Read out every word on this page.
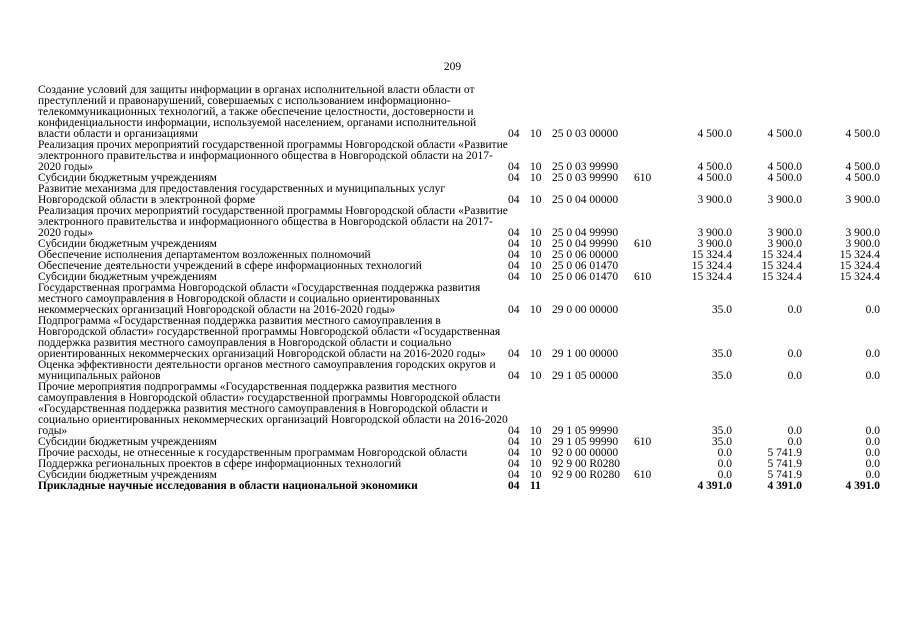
209
Создание условий для защиты информации в органах исполнительной власти области от преступлений и правонарушений, совершаемых с использованием информационно-телекоммуникационных технологий, а также обеспечение целостности, достоверности и конфиденциальности информации, используемой населением, органами исполнительной власти области и организациями	04	10	25 0 03 00000		4 500.0	4 500.0	4 500.0
Реализация прочих мероприятий государственной программы Новгородской области «Развитие электронного правительства и информационного общества в Новгородской области на 2017-2020 годы»	04	10	25 0 03 99990		4 500.0	4 500.0	4 500.0
Субсидии бюджетным учреждениям	04	10	25 0 03 99990	610	4 500.0	4 500.0	4 500.0
Развитие механизма для предоставления государственных и муниципальных услуг Новгородской области в электронной форме	04	10	25 0 04 00000		3 900.0	3 900.0	3 900.0
Реализация прочих мероприятий государственной программы Новгородской области «Развитие электронного правительства и информационного общества в Новгородской области на 2017-2020 годы»	04	10	25 0 04 99990		3 900.0	3 900.0	3 900.0
Субсидии бюджетным учреждениям	04	10	25 0 04 99990	610	3 900.0	3 900.0	3 900.0
Обеспечение исполнения департаментом возложенных полномочий	04	10	25 0 06 00000		15 324.4	15 324.4	15 324.4
Обеспечение деятельности учреждений в сфере информационных технологий	04	10	25 0 06 01470		15 324.4	15 324.4	15 324.4
Субсидии бюджетным учреждениям	04	10	25 0 06 01470	610	15 324.4	15 324.4	15 324.4
Государственная программа Новгородской области «Государственная поддержка развития местного самоуправления в Новгородской области и социально ориентированных некоммерческих организаций Новгородской области на 2016-2020 годы»	04	10	29 0 00 00000		35.0	0.0	0.0
Подпрограмма «Государственная поддержка развития местного самоуправления в Новгородской области» государственной программы Новгородской области «Государственная поддержка развития местного самоуправления в Новгородской области и социально ориентированных некоммерческих организаций Новгородской области на 2016-2020 годы»	04	10	29 1 00 00000		35.0	0.0	0.0
Оценка эффективности деятельности органов местного самоуправления городских округов и муниципальных районов	04	10	29 1 05 00000		35.0	0.0	0.0
Прочие мероприятия подпрограммы «Государственная поддержка развития местного самоуправления в Новгородской области» государственной программы Новгородской области «Государственная поддержка развития местного самоуправления в Новгородской области и социально ориентированных некоммерческих организаций Новгородской области на 2016-2020 годы»	04	10	29 1 05 99990		35.0	0.0	0.0
Субсидии бюджетным учреждениям	04	10	29 1 05 99990	610	35.0	0.0	0.0
Прочие расходы, не отнесенные к государственным программам Новгородской области	04	10	92 0 00 00000		0.0	5 741.9	0.0
Поддержка региональных проектов в сфере информационных технологий	04	10	92 9 00 R0280		0.0	5 741.9	0.0
Субсидии бюджетным учреждениям	04	10	92 9 00 R0280	610	0.0	5 741.9	0.0
Прикладные научные исследования в области национальной экономики	04	11			4 391.0	4 391.0	4 391.0
